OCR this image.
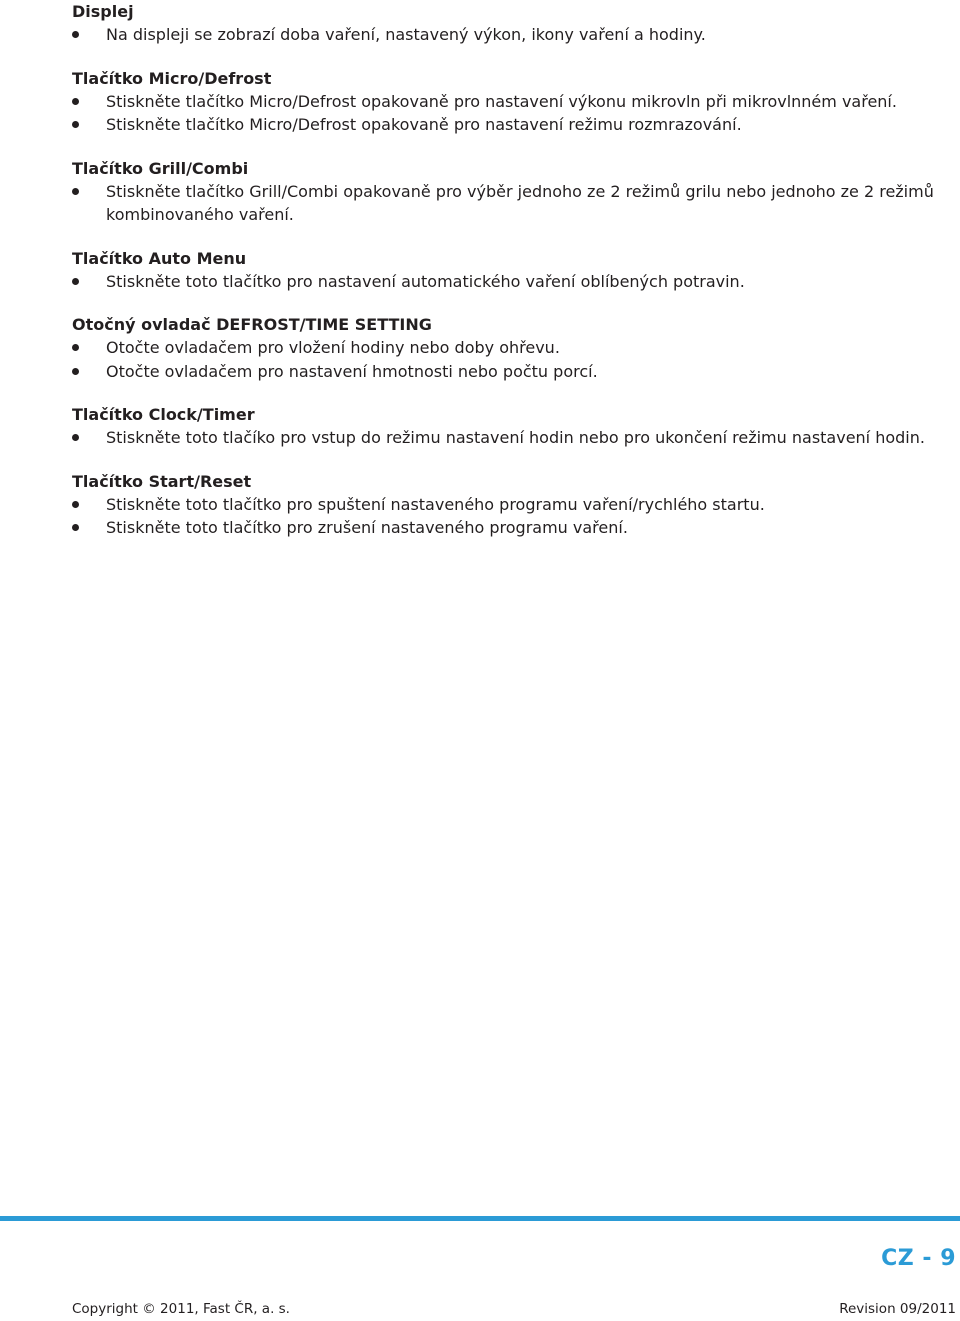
Displej
Na displeji se zobrazí doba vaření, nastavený výkon, ikony vaření a hodiny.
Tlačítko Micro/Defrost
Stiskněte tlačítko Micro/Defrost opakovaně pro nastavení výkonu mikrovln při mikrovlnném vaření.
Stiskněte tlačítko Micro/Defrost opakovaně pro nastavení režimu rozmrazování.
Tlačítko Grill/Combi
Stiskněte tlačítko Grill/Combi opakovaně pro výběr jednoho ze 2 režimů grilu nebo jednoho ze 2 režimů kombinovaného vaření.
Tlačítko Auto Menu
Stiskněte toto tlačítko pro nastavení automatického vaření oblíbených potravin.
Otočný ovladač DEFROST/TIME SETTING
Otočte ovladačem pro vložení hodiny nebo doby ohřevu.
Otočte ovladačem pro nastavení hmotnosti nebo počtu porcí.
Tlačítko Clock/Timer
Stiskněte toto tlačíko pro vstup do režimu nastavení hodin nebo pro ukončení režimu nastavení hodin.
Tlačítko Start/Reset
Stiskněte toto tlačítko pro spuštení nastaveného programu vaření/rychlého startu.
Stiskněte toto tlačítko pro zrušení nastaveného programu vaření.
CZ - 9
Copyright © 2011, Fast ČR, a. s.	Revision 09/2011
